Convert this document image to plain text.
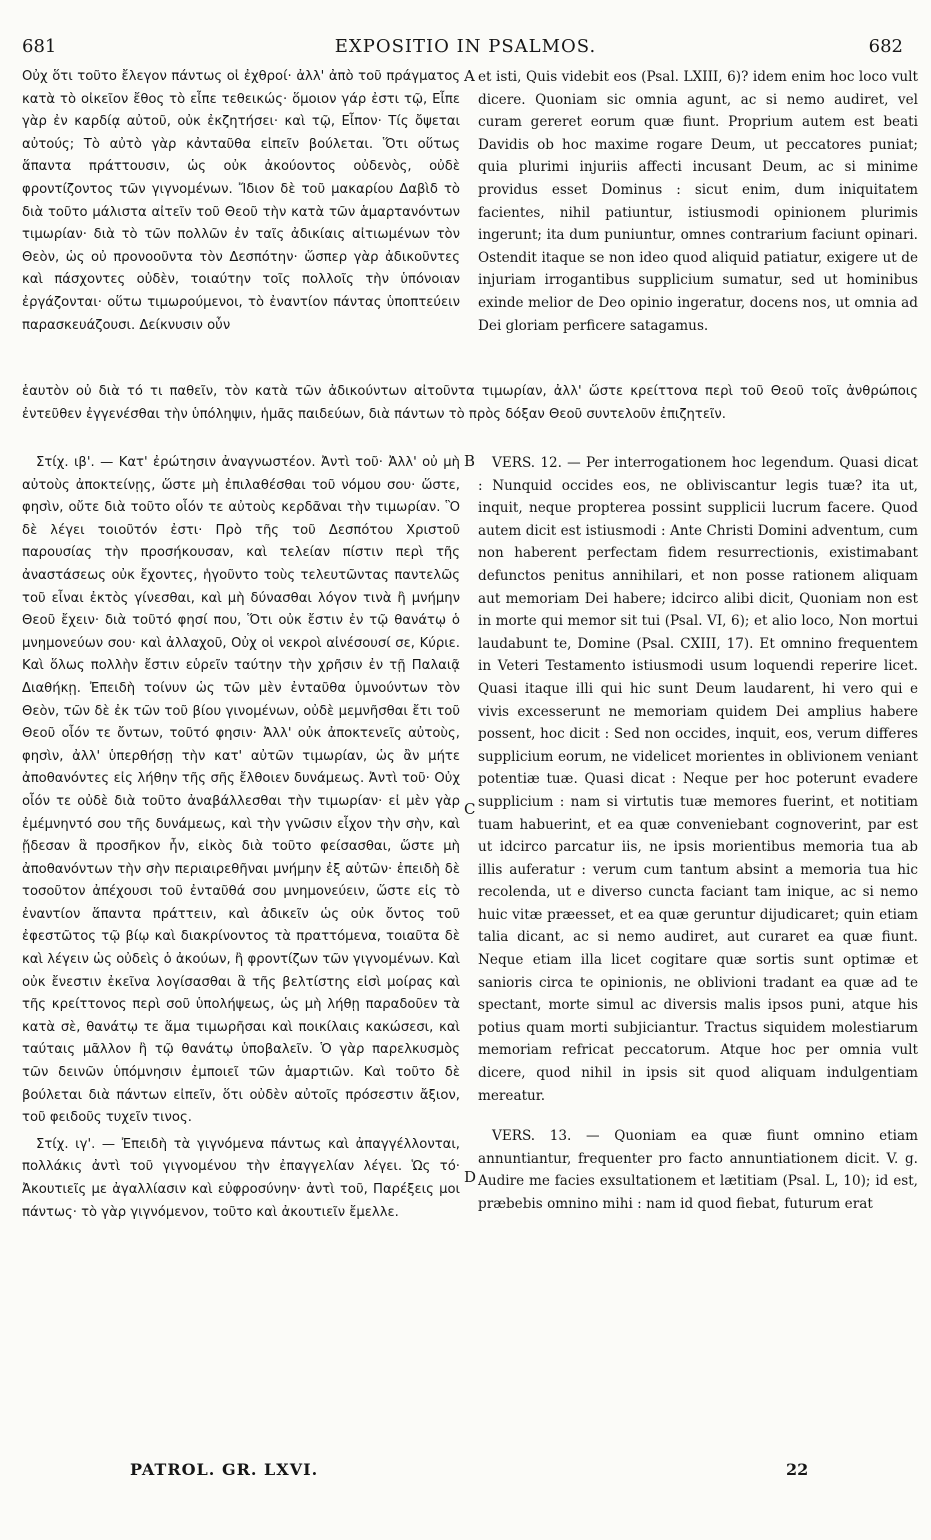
EXPOSITIO IN PSALMOS.
681	682

Οὐχ ὅτι τοῦτο ἔλεγον πάντως οἱ ἐχθροί· ἀλλ' ἀπὸ τοῦ πράγματος κατὰ τὸ οἰκεῖον ἔθος τὸ εἶπε τεθεικώς· ὅμοιον γάρ ἐστι τῷ, Εἶπε γὰρ ἐν καρδίᾳ αὐτοῦ, οὐκ ἐκζητήσει· καὶ τῷ, Εἶπον· Τίς ὄψεται αὐτούς; Τὸ αὐτὸ γὰρ κἀνταῦθα εἰπεῖν βούλεται. Ὅτι οὕτως ἅπαντα πράττουσιν, ὡς οὐκ ἀκούοντος οὐδενὸς, οὐδὲ φροντίζοντος τῶν γιγνομένων. Ἴδιον δὲ τοῦ μακαρίου Δαβὶδ τὸ διὰ τοῦτο μάλιστα αἰτεῖν τοῦ Θεοῦ τὴν κατὰ τῶν ἁμαρτανόντων τιμωρίαν· διὰ τὸ τῶν πολλῶν ἐν ταῖς ἀδικίαις αἰτιωμένων τὸν Θεὸν, ὡς οὐ προνοοῦντα τὸν Δεσπότην· ὥσπερ γὰρ ἀδικοῦντες καὶ πάσχοντες οὐδὲν, τοιαύτην τοῖς πολλοῖς τὴν ὑπόνοιαν ἐργάζονται· οὕτω τιμωρούμενοι, τὸ ἐναντίον πάντας ὑποπτεύειν παρασκευάζουσι. Δείκνυσιν οὖν

et isti, Quis videbit eos (Psal. LXIII, 6)? idem enim hoc loco vult dicere. Quoniam sic omnia agunt, ac si nemo audiret, vel curam gereret eorum quæ fiunt. Proprium autem est beati Davidis ob hoc maxime rogare Deum, ut peccatores puniat; quia plurimi injuriis affecti incusant Deum, ac si minime providus esset Dominus : sicut enim, dum iniquitatem facientes, nihil patiuntur, istiusmodi opinionem plurimis ingerunt; ita dum puniuntur, omnes contrarium faciunt opinari. Ostendit itaque se non ideo quod aliquid patiatur, exigere ut de injuriam irrogantibus supplicium sumatur, sed ut hominibus exinde melior de Deo opinio ingeratur, docens nos, ut omnia ad Dei gloriam perficere satagamus.

ἑαυτὸν οὐ διὰ τό τι παθεῖν, τὸν κατὰ τῶν ἀδικούντων αἰτοῦντα τιμωρίαν, ἀλλ' ὥστε κρείττονα περὶ τοῦ Θεοῦ τοῖς ἀνθρώποις ἐντεῦθεν ἐγγενέσθαι τὴν ὑπόληψιν, ἡμᾶς παιδεύων, διὰ πάντων τὸ πρὸς δόξαν Θεοῦ συντελοῦν ἐπιζητεῖν.

Στίχ. ιβ'. — Κατ' ἐρώτησιν ἀναγνωστέον. Ἀντὶ τοῦ· Ἀλλ' οὐ μὴ αὐτοὺς ἀποκτείνῃς, ὥστε μὴ ἐπιλαθέσθαι τοῦ νόμου σου· ὥστε, φησὶν, οὔτε διὰ τοῦτο οἷόν τε αὐτοὺς κερδᾶναι τὴν τιμωρίαν. Ὃ δὲ λέγει τοιοῦτόν ἐστι· Πρὸ τῆς τοῦ Δεσπότου Χριστοῦ παρουσίας τὴν προσήκουσαν, καὶ τελείαν πίστιν περὶ τῆς ἀναστάσεως οὐκ ἔχοντες, ἡγοῦντο τοὺς τελευτῶντας παντελῶς τοῦ εἶναι ἐκτὸς γίνεσθαι, καὶ μὴ δύνασθαι λόγον τινὰ ἢ μνήμην Θεοῦ ἔχειν· διὰ τοῦτό φησί που, Ὅτι οὐκ ἔστιν ἐν τῷ θανάτῳ ὁ μνημονεύων σου· καὶ ἀλλαχοῦ, Οὐχ οἱ νεκροὶ αἰνέσουσί σε, Κύριε. Καὶ ὅλως πολλὴν ἔστιν εὑρεῖν ταύτην τὴν χρῆσιν ἐν τῇ Παλαιᾷ Διαθήκῃ. Ἐπειδὴ τοίνυν ὡς τῶν μὲν ἐνταῦθα ὑμνούντων τὸν Θεὸν, τῶν δὲ ἐκ τῶν τοῦ βίου γινομένων, οὐδὲ μεμνῆσθαι ἔτι τοῦ Θεοῦ οἷόν τε ὄντων, τοῦτό φησιν· Ἀλλ' οὐκ ἀποκτενεῖς αὐτοὺς, φησὶν, ἀλλ' ὑπερθήσῃ τὴν κατ' αὐτῶν τιμωρίαν, ὡς ἂν μήτε ἀποθανόντες εἰς λήθην τῆς σῆς ἔλθοιεν δυνάμεως. Ἀντὶ τοῦ· Οὐχ οἷόν τε οὐδὲ διὰ τοῦτο ἀναβάλλεσθαι τὴν τιμωρίαν· εἰ μὲν γὰρ ἐμέμνηντό σου τῆς δυνάμεως, καὶ τὴν γνῶσιν εἶχον τὴν σὴν, καὶ ᾔδεσαν ἃ προσῆκον ἦν, εἰκὸς διὰ τοῦτο φείσασθαι, ὥστε μὴ ἀποθανόντων τὴν σὴν περιαιρεθῆναι μνήμην ἐξ αὐτῶν· ἐπειδὴ δὲ τοσοῦτον ἀπέχουσι τοῦ ἐνταῦθά σου μνημονεύειν, ὥστε εἰς τὸ ἐναντίον ἅπαντα πράττειν, καὶ ἀδικεῖν ὡς οὐκ ὄντος τοῦ ἐφεστῶτος τῷ βίῳ καὶ διακρίνοντος τὰ πραττόμενα, τοιαῦτα δὲ καὶ λέγειν ὡς οὐδεὶς ὁ ἀκούων, ἢ φροντίζων τῶν γιγνομένων. Καὶ οὐκ ἔνεστιν ἐκεῖνα λογίσασθαι ἃ τῆς βελτίστης εἰσὶ μοίρας καὶ τῆς κρείττονος περὶ σοῦ ὑπολήψεως, ὡς μὴ λήθῃ παραδοῦεν τὰ κατὰ σὲ, θανάτῳ τε ἅμα τιμωρῆσαι καὶ ποικίλαις κακώσεσι, καὶ ταύταις μᾶλλον ἢ τῷ θανάτῳ ὑποβαλεῖν. Ὁ γὰρ παρελκυσμὸς τῶν δεινῶν ὑπόμνησιν ἐμποιεῖ τῶν ἁμαρτιῶν. Καὶ τοῦτο δὲ βούλεται διὰ πάντων εἰπεῖν, ὅτι οὐδὲν αὐτοῖς πρόσεστιν ἄξιον, τοῦ φειδοῦς τυχεῖν τινος.

Στίχ. ιγ'. — Ἐπειδὴ τὰ γιγνόμενα πάντως καὶ ἀπαγγέλλονται, πολλάκις ἀντὶ τοῦ γιγνομένου τὴν ἐπαγγελίαν λέγει. Ὡς τό· Ἀκουτιεῖς με ἀγαλλίασιν καὶ εὐφροσύνην· ἀντὶ τοῦ, Παρέξεις μοι πάντως· τὸ γὰρ γιγνόμενον, τοῦτο καὶ ἀκουτιεῖν ἔμελλε.

VERS. 12. — Per interrogationem hoc legendum. Quasi dicat : Nunquid occides eos, ne obliviscantur legis tuæ? ita ut, inquit, neque propterea possint supplicii lucrum facere. Quod autem dicit est istiusmodi : Ante Christi Domini adventum, cum non haberent perfectam fidem resurrectionis, existimabant defunctos penitus annihilari, et non posse rationem aliquam aut memoriam Dei habere; idcirco alibi dicit, Quoniam non est in morte qui memor sit tui (Psal. VI, 6); et alio loco, Non mortui laudabunt te, Domine (Psal. CXIII, 17). Et omnino frequentem in Veteri Testamento istiusmodi usum loquendi reperire licet. Quasi itaque illi qui hic sunt Deum laudarent, hi vero qui e vivis excesserunt ne memoriam quidem Dei amplius habere possent, hoc dicit : Sed non occides, inquit, eos, verum differes supplicium eorum, ne videlicet morientes in oblivionem veniant potentiæ tuæ. Quasi dicat : Neque per hoc poterunt evadere supplicium : nam si virtutis tuæ memores fuerint, et notitiam tuam habuerint, et ea quæ conveniebant cognoverint, par est ut idcirco parcatur iis, ne ipsis morientibus memoria tua ab illis auferatur : verum cum tantum absint a memoria tua hic recolenda, ut e diverso cuncta faciant tam inique, ac si nemo huic vitæ præesset, et ea quæ geruntur dijudicaret; quin etiam talia dicant, ac si nemo audiret, aut curaret ea quæ fiunt. Neque etiam illa licet cogitare quæ sortis sunt optimæ et sanioris circa te opinionis, ne oblivioni tradant ea quæ ad te spectant, morte simul ac diversis malis ipsos puni, atque his potius quam morti subjiciantur. Tractus siquidem molestiarum memoriam refricat peccatorum. Atque hoc per omnia vult dicere, quod nihil in ipsis sit quod aliquam indulgentiam mereatur.

VERS. 13. — Quoniam ea quæ fiunt omnino etiam annuntiantur, frequenter pro facto annuntiationem dicit. V. g. Audire me facies exsultationem et lætitiam (Psal. L, 10); id est, præbebis omnino mihi : nam id quod fiebat, futurum erat

A
B
C
D
PATROL. GR. LXVI.	22
